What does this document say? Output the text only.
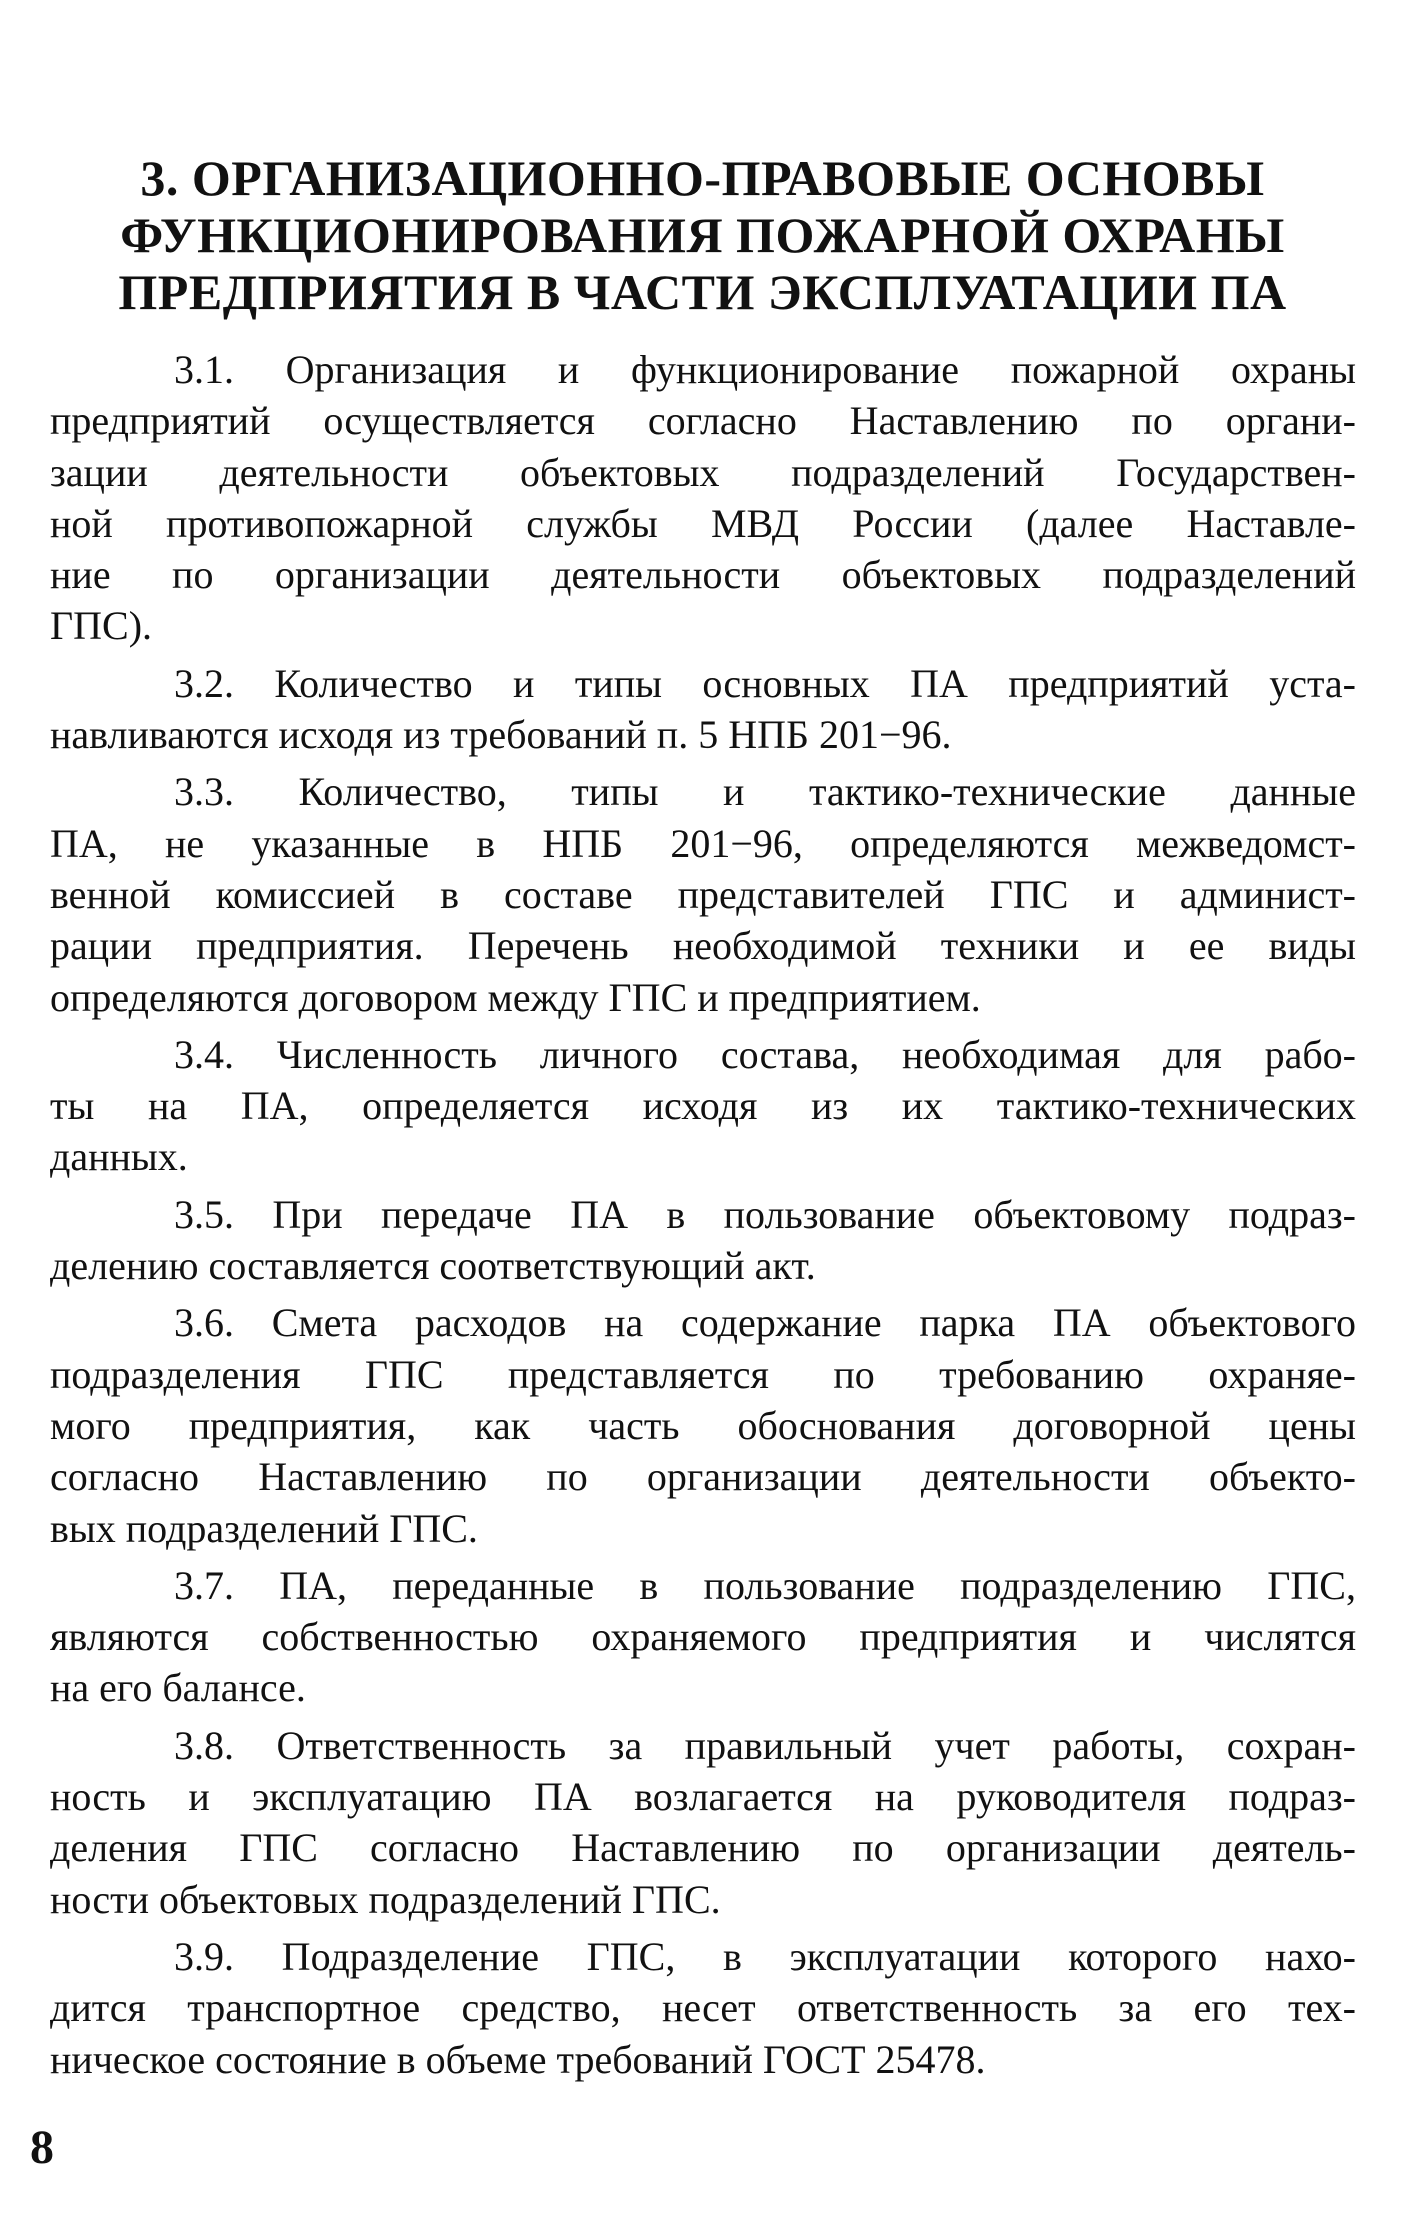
3. ОРГАНИЗАЦИОННО-ПРАВОВЫЕ ОСНОВЫ
ФУНКЦИОНИРОВАНИЯ ПОЖАРНОЙ ОХРАНЫ
ПРЕДПРИЯТИЯ В ЧАСТИ ЭКСПЛУАТАЦИИ ПА

3.1. Организация и функционирование пожарной охраны
предприятий осуществляется согласно Наставлению по органи-
зации деятельности объектовых подразделений Государствен-
ной противопожарной службы МВД России (далее Наставле-
ние по организации деятельности объектовых подразделений
ГПС).

3.2. Количество и типы основных ПА предприятий уста-
навливаются исходя из требований п. 5 НПБ 201−96.

3.3. Количество, типы и тактико-технические данные
ПА, не указанные в НПБ 201−96, определяются межведомст-
венной комиссией в составе представителей ГПС и админист-
рации предприятия. Перечень необходимой техники и ее виды
определяются договором между ГПС и предприятием.

3.4. Численность личного состава, необходимая для рабо-
ты на ПА, определяется исходя из их тактико-технических
данных.

3.5. При передаче ПА в пользование объектовому подраз-
делению составляется соответствующий акт.

3.6. Смета расходов на содержание парка ПА объектового
подразделения ГПС представляется по требованию охраняе-
мого предприятия, как часть обоснования договорной цены
согласно Наставлению по организации деятельности объекто-
вых подразделений ГПС.

3.7. ПА, переданные в пользование подразделению ГПС,
являются собственностью охраняемого предприятия и числятся
на его балансе.

3.8. Ответственность за правильный учет работы, сохран-
ность и эксплуатацию ПА возлагается на руководителя подраз-
деления ГПС согласно Наставлению по организации деятель-
ности объектовых подразделений ГПС.

3.9. Подразделение ГПС, в эксплуатации которого нахо-
дится транспортное средство, несет ответственность за его тех-
ническое состояние в объеме требований ГОСТ 25478.

8
